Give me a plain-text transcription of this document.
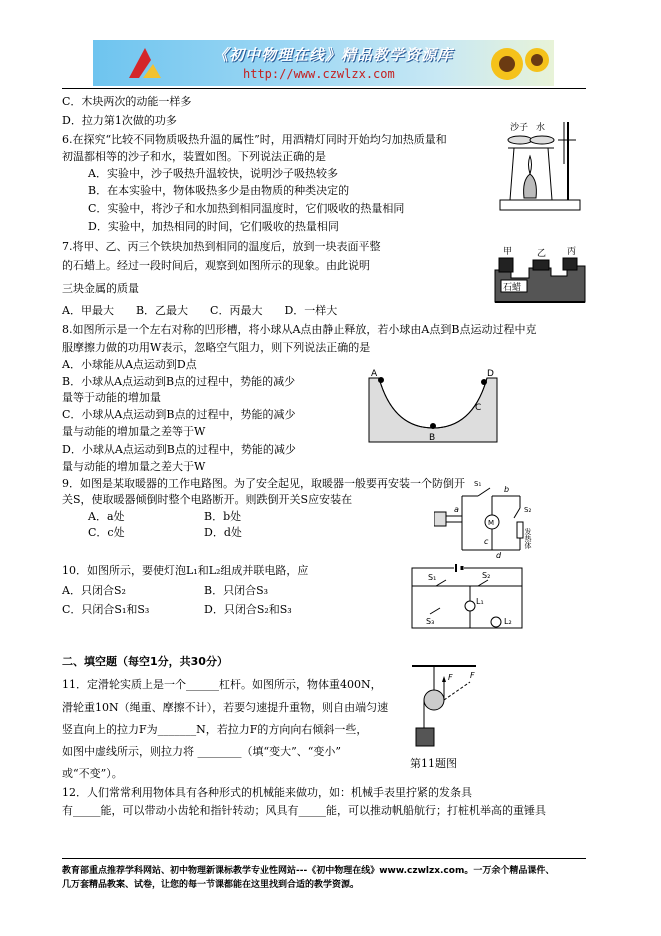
《初中物理在线》精品教学资源库
http://www.czwlzx.com
C．木块两次的动能一样多
D．拉力第1次做的功多
6.在探究“比较不同物质吸热升温的属性”时，用酒精灯同时开始均匀加热质量和
初温都相等的沙子和水，装置如图。下列说法正确的是
A．实验中，沙子吸热升温较快，说明沙子吸热较多
B．在本实验中，物体吸热多少是由物质的种类决定的
C．实验中，将沙子和水加热到相同温度时，它们吸收的热量相同
D．实验中，加热相同的时间，它们吸收的热量相同
7.将甲、乙、丙三个铁块加热到相同的温度后，放到一块表面平整
的石蜡上。经过一段时间后，观察到如图所示的现象。由此说明
三块金属的质量
A．甲最大　　B．乙最大　　C．丙最大　　D．一样大
8.如图所示是一个左右对称的凹形槽，将小球从A点由静止释放，若小球由A点到B点运动过程中克
服摩擦力做的功用W表示，忽略空气阻力，则下列说法正确的是
A．小球能从A点运动到D点
B．小球从A点运动到B点的过程中，势能的减少
量等于动能的增加量
C．小球从A点运动到B点的过程中，势能的减少
量与动能的增加量之差等于W
D．小球从A点运动到B点的过程中，势能的减少
量与动能的增加量之差大于W
9．如图是某取暖器的工作电路图。为了安全起见，取暖器一般要再安装一个防倒开
关S，使取暖器倾倒时整个电路断开。则跌倒开关S应安装在
A．a处	B．b处
C．c处	D．d处
10．如图所示，要使灯泡L₁和L₂组成并联电路，应
A．只闭合S₂	B．只闭合S₃
C．只闭合S₁和S₃	D．只闭合S₂和S₃
二、填空题（每空1分，共30分）
11．定滑轮实质上是一个______杠杆。如图所示，物体重400N，
滑轮重10N（绳重、摩擦不计），若要匀速提升重物，则自由端匀速
竖直向上的拉力F为_______N，若拉力F的方向向右倾斜一些，
如图中虚线所示，则拉力将 ________（填“变大”、“变小”
或“不变”）。
第11题图
12．人们常常利用物体具有各种形式的机械能来做功，如：机械手表里拧紧的发条具
有_____能，可以带动小齿轮和指针转动；风具有_____能，可以推动帆船航行；打桩机举高的重锤具
沙子 水
甲	乙 丙
石蜡
A
B
C
D
a
b
c
d
S₁
S₂
M
发热体
S₁	S₂
S₃
L₁
L₂
F F
教育部重点推荐学科网站、初中物理新课标教学专业性网站---《初中物理在线》www.czwlzx.com。一万余个精品课件、
几万套精品教案、试卷，让您的每一节课都能在这里找到合适的教学资源。
